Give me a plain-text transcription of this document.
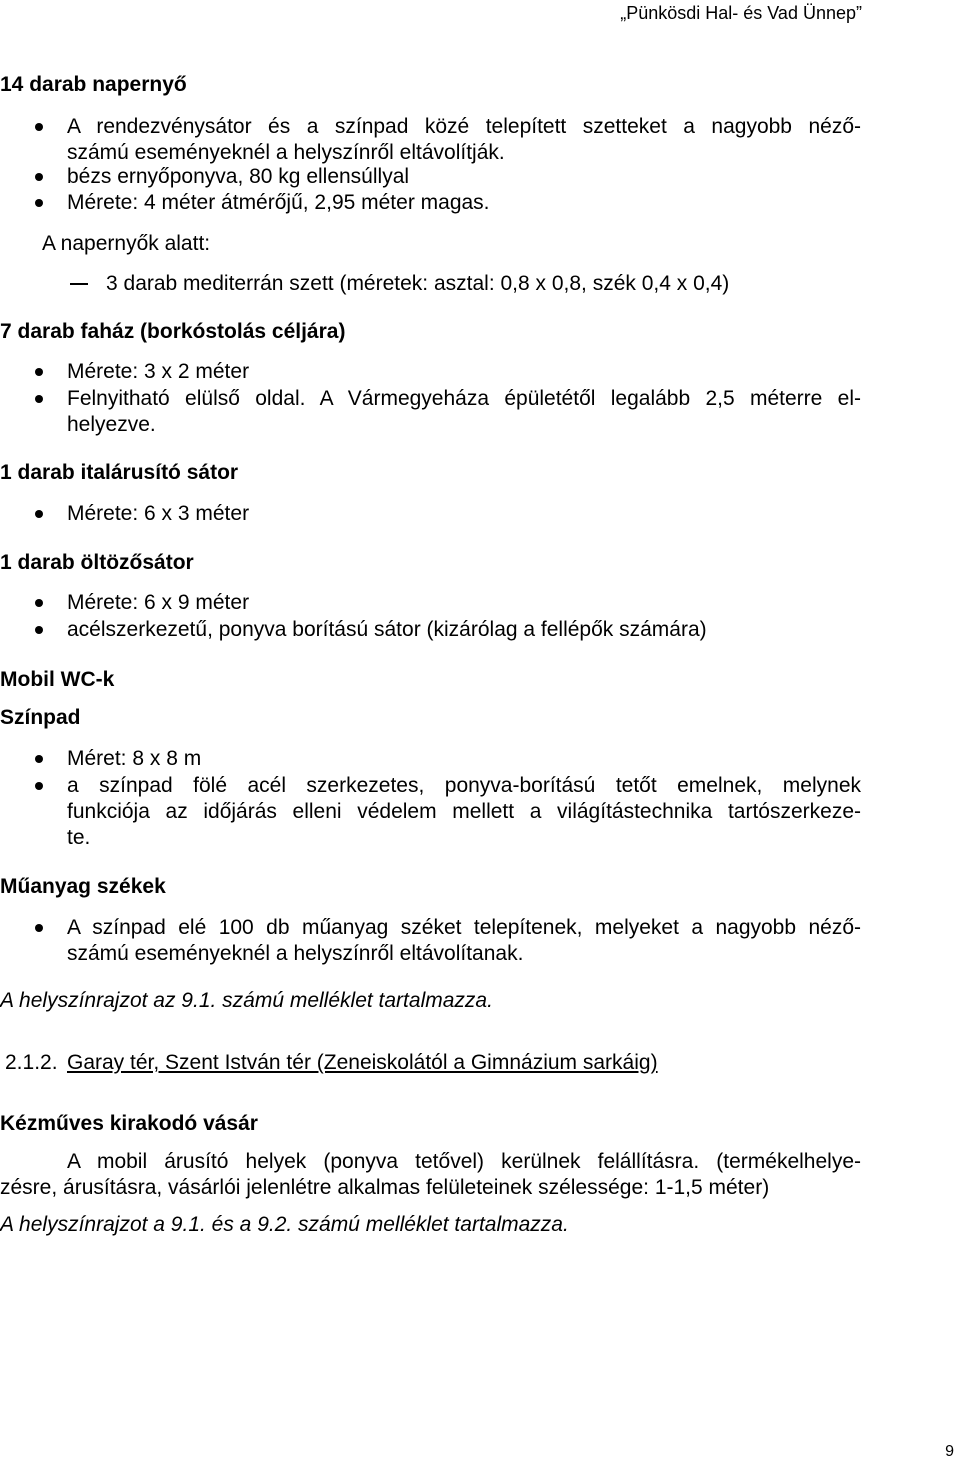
„Pünkösdi Hal- és Vad Ünnep”
14 darab napernyő
A rendezvénysátor és a színpad közé telepített szetteket a nagyobb néző-
számú eseményeknél a helyszínről eltávolítják.
bézs ernyőponyva, 80 kg ellensúllyal
Mérete: 4 méter átmérőjű, 2,95 méter magas.
A napernyők alatt:
3 darab mediterrán szett (méretek: asztal: 0,8 x 0,8, szék 0,4 x 0,4)
7 darab faház (borkóstolás céljára)
Mérete: 3 x 2 méter
Felnyitható elülső oldal. A Vármegyeháza épületétől legalább 2,5 méterre el-
helyezve.
1 darab italárusító sátor
Mérete: 6 x 3 méter
1 darab öltözősátor
Mérete: 6 x 9 méter
acélszerkezetű, ponyva borítású sátor (kizárólag a fellépők számára)
Mobil WC-k
Színpad
Méret: 8 x 8 m
a színpad fölé acél szerkezetes, ponyva-borítású tetőt emelnek, melynek
funkciója az időjárás elleni védelem mellett a világítástechnika tartószerkeze-
te.
Műanyag székek
A színpad elé 100 db műanyag széket telepítenek, melyeket a nagyobb néző-
számú eseményeknél a helyszínről eltávolítanak.
A helyszínrajzot az 9.1. számú melléklet tartalmazza.
2.1.2. Garay tér, Szent István tér (Zeneiskolától a Gimnázium sarkáig)
Kézműves kirakodó vásár
A mobil árusító helyek (ponyva tetővel) kerülnek felállításra. (termékelhelye-
zésre, árusításra, vásárlói jelenlétre alkalmas felületeinek szélessége: 1-1,5 méter)
A helyszínrajzot a 9.1. és a 9.2. számú melléklet tartalmazza.
9
